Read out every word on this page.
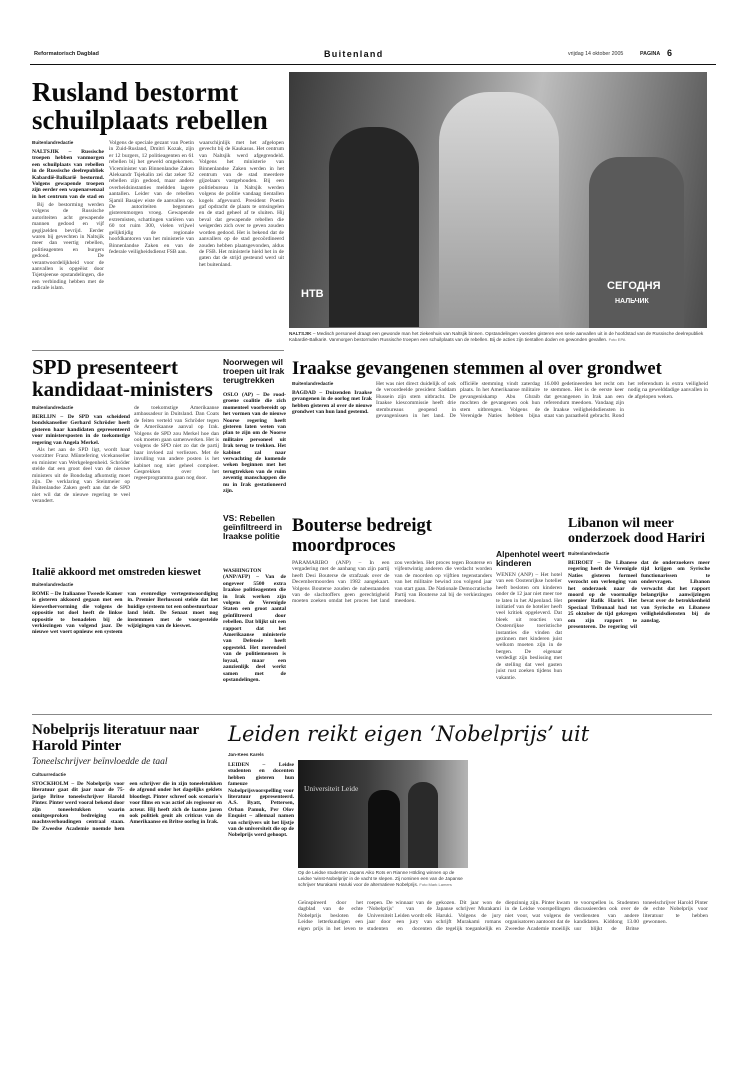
Reformatorisch Dagblad	Buitenland	vrijdag 14 oktober 2005	PAGINA 6
Rusland bestormt schuilplaats rebellen
Buitenlandredactie

NALTSJIK – Russische troepen hebben vanmorgen een schuilplaats van rebellen in de Russische deelrepubliek Kabardië-Balkarië bestormd. Volgens gewapende troepen zijn eerder een wapenarsenaal in het centrum van de stad en

Bij de bestorming werden volgens de Russische autoriteiten acht gewapende mannen gedood en vijf gegijzelden bevrijd. Eerder waren bij gevechten in Naltsjik meer dan veertig rebellen, politieagenten en burgers gedood. De verantwoordelijkheid voor de aanvallen is opgeëist door Tsjetsjeense opstandelingen, die een verbinding hebben met de radicale islam.

Volgens de speciale gezant van Poetin in Zuid-Rusland, Dmitri Kozak, zijn er 12 burgers, 12 politieagenten en 61 rebellen bij het geweld omgekomen. Viceminister van Binnenlandse Zaken Aleksandr Tsjekalin zei dat zeker 92 rebellen zijn gedood, maar andere overheidsinstanties meldden lagere aantallen. Leider van de rebellen Sjamil Basajev eiste de aanvallen op. De autoriteiten begonnen gisterenmorgen vroeg. Gewapende extremisten, schattingen variëren van 60 tot ruim 300, vielen vrijwel gelijktijdig de regionale hoofdkantoren van het ministerie van Binnenlandse Zaken en van de federale veiligheidsdienst FSB aan.

waarschijnlijk met het afgelopen gevecht bij de Kaukasus. Het centrum van Naltsjik werd afgegrendeld. Volgens het ministerie van Binnenlandse Zaken werden in het centrum van de stad meerdere gijzelaars vastgehouden. Bij een politiebureau in Naltsjik werden volgens de politie vandaag tientallen kogels afgevuurd. President Poetin gaf opdracht de plaats te omsingelen en de stad geheel af te sluiten. Hij beval dat gewapende rebellen die weigerden zich over te geven zouden worden gedood. Het is bekend dat de aanvallers op de stad gecoördineerd zouden hebben plaatsgevonden, aldus de FSB. Het ministerie hield het in de gaten dat de strijd gesteund werd uit het buitenland.

НТВ
СЕГОДНЯ
НАЛЬЧИК
NALTSJIK – Medisch personeel draagt een gewonde man het ziekenhuis van Naltsjik binnen. Opstandelingen voerden gisteren een serie aanvallen uit in de hoofdstad van de Russische deelrepubliek Kabardië-Balkarië. Vanmorgen bestormden Russische troepen een schuilplaats van de rebellen. Bij de acties zijn tientallen doden en gewonden gevallen. Foto EPA
SPD presenteert kandidaat-ministers
Buitenlandredactie

BERLIJN – De SPD van scheidend bondskanselier Gerhard Schröder heeft gisteren haar kandidaten gepresenteerd voor ministersposten in de toekomstige regering van Angela Merkel.

Als het aan de SPD ligt, wordt haar voorzitter Franz Müntefering vicekanselier en minister van Werkgelegenheid. Schröder stelde dat een groot deel van de nieuwe ministers uit de Bondsdag afkomstig moet zijn. De verklaring van Steinmeier op Buitenlandse Zaken geeft aan dat de SPD niet wil dat de nieuwe regering te veel verandert.

de toekomstige Amerikaanse ambassadeur in Duitsland. Dan Coats de feiten verteld van Schröder tegen de Amerikaanse aanval op Irak. Volgens de SPD zou Merkel hoe dan ook moeten gaan samenwerken. Het is volgens de SPD niet zo dat de partij haar invloed zal verliezen. Met de invulling van andere posten is het kabinet nog niet geheel compleet. Gesprekken over het regeerprogramma gaan nog door.

Noorwegen wil troepen uit Irak terugtrekken

OSLO (AP) – De rood-groene coalitie die zich momenteel voorbereidt op het vormen van de nieuwe Noorse regering heeft gisteren laten weten van plan te zijn om de Noorse militaire personeel uit Irak terug te trekken. Het kabinet zal naar verwachting de komende weken beginnen met het terugtrekken van de ruim zeventig manschappen die nu in Irak gestationeerd zijn.

VS: Rebellen geïnfiltreerd in Iraakse politie

WASHINGTON (ANP/AFP) – Van de ongeveer 5500 extra Iraakse politieagenten die in Irak werken zijn volgens de Verenigde Staten een groot aantal geïnfiltreerd door rebellen. Dat blijkt uit een rapport dat het Amerikaanse ministerie van Defensie heeft opgesteld. Het merendeel van de politiemensen is loyaal, maar een aanzienlijk deel werkt samen met de opstandelingen.

Iraakse gevangenen stemmen al over grondwet
Buitenlandredactie

BAGDAD – Duizenden Iraakse gevangenen in de oorlog met Irak hebben gisteren al over de nieuwe grondwet van hun land gestemd.

Het was niet direct duidelijk of ook de veroordeelde president Saddam Hussein zijn stem uitbracht. De Iraakse kiescommissie heeft drie stembureaus geopend in gevangenissen in het land. De officiële stemming vindt zaterdag plaats. In het Amerikaanse militaire gevangeniskamp Abu Ghraib mochten de gevangenen ook hun stem uitbrengen. Volgens de Verenigde Naties hebben bijna 16.000 gedetineerden het recht om te stemmen. Het is de eerste keer dat gevangenen in Irak aan een referendum meedoen. Vandaag zijn de Iraakse veiligheidsdiensten in staat van paraatheid gebracht. Rond het referendum is extra veiligheid nodig na gewelddadige aanvallen in de afgelopen weken.

Bouterse bedreigt moordproces

PARAMARIBO (ANP) – In een vergadering met de aanhang van zijn partij heeft Desi Bouterse de strafzaak over de Decembermoorden van 1982 aangekaart. Volgens Bouterse zouden de nabestaanden van de slachtoffers geen gerechtigheid moeten zoeken omdat het proces het land zou verdelen. Het proces tegen Bouterse en vijfentwintig anderen die verdacht worden van de moorden op vijftien tegenstanders van het militaire bewind zou volgend jaar van start gaan. De Nationale Democratische Partij van Bouterse zal bij de verkiezingen meedoen.

Alpenhotel weert kinderen

WENEN (ANP) – Het hotel van een Oostenrijkse hotelier heeft besloten om kinderen onder de 12 jaar niet meer toe te laten in het Alpenland. Het initiatief van de hotelier heeft veel kritiek opgeleverd. Dat bleek uit reacties van Oostenrijkse toeristische instanties die vinden dat gezinnen met kinderen juist welkom moeten zijn in de bergen. De eigenaar verdedigt zijn beslissing met de stelling dat veel gasten juist rust zoeken tijdens hun vakantie.

Libanon wil meer onderzoek dood Hariri
Buitenlandredactie

BEIROET – De Libanese regering heeft de Verenigde Naties gisteren formeel verzocht om verlenging van het onderzoek naar de moord op de voormalige premier Rafik Hariri. Het Speciaal Tribunaal had tot 25 oktober de tijd gekregen om zijn rapport te presenteren. De regering wil dat de onderzoekers meer tijd krijgen om Syrische functionarissen te ondervragen. Libanon verwacht dat het rapport belangrijke aanwijzingen bevat over de betrokkenheid van Syrische en Libanese veiligheidsdiensten bij de aanslag.

Italië akkoord met omstreden kieswet
Buitenlandredactie

ROME – De Italiaanse Tweede Kamer is gisteren akkoord gegaan met een kieswethervorming die volgens de oppositie tot doel heeft de linkse oppositie te benadelen bij de verkiezingen van volgend jaar. De nieuwe wet voert opnieuw een systeem van evenredige vertegenwoordiging in. Premier Berlusconi stelde dat het huidige systeem tot een onbestuurbaar land leidt. De Senaat moet nog instemmen met de voorgestelde wijzigingen van de kieswet.

Nobelprijs literatuur naar Harold Pinter
Toneelschrijver beïnvloedde de taal
Cultuurredactie

STOCKHOLM – De Nobelprijs voor literatuur gaat dit jaar naar de 75-jarige Britse toneelschrijver Harold Pinter. Pinter werd vooral bekend door zijn toneelstukken waarin onuitgesproken bedreiging en machtsverhoudingen centraal staan. De Zweedse Academie noemde hem een schrijver die in zijn toneelstukken de afgrond onder het dagelijks geklets blootlegt. Pinter schreef ook scenario's voor films en was actief als regisseur en acteur. Hij heeft zich de laatste jaren ook politiek geuit als criticus van de Amerikaanse en Britse oorlog in Irak.

Leiden reikt eigen ‘Nobelprijs’ uit
Jan-Kees Karels

LEIDEN – Leidse studenten en docenten hebben gisteren hun fameuze Nobelprijsvoorspelling voor literatuur gepresenteerd. A.S. Byatt, Pettersen, Orhan Pamuk, Per Olov Enquist – allemaal namen van schrijvers uit het lijstje van de universiteit die op de Nobelprijs werd gehoopt.

Universiteit Leide
Op de Leidse studenten Japans Aiko Rots en Rianne Hölding winnen op de Leidse ‘winst-Nobelprijs’ in de vacht te slepen. Zij nominen een van de Japanse schrijver Murakami Haruki voor de alternatieve Nobelprijs. Foto Mark Lamers

Geïnspireerd door het dagblad van de echte Nobelprijs besloten de Leidse letterkundigen een eigen prijs in het leven te roepen. De winnaar van de ‘Nobelprijs’ van de Universiteit Leiden wordt elk jaar door een jury van studenten en docenten gekozen. Dit jaar won de Japanse schrijver Murakami Haruki. Volgens de jury schrijft Murakami romans die tegelijk toegankelijk en diepzinnig zijn. Pinter kwam in de Leidse voorspellingen niet voor, wat volgens de organisatoren aantoont dat de Zweedse Academie moeilijk te voorspellen is. Studenten discussieerden ook over de verdiensten van andere kandidaten. Kiddong 13.00 uur blijkt de Britse toneelschrijver Harold Pinter de echte Nobelprijs voor literatuur te hebben gewonnen.
